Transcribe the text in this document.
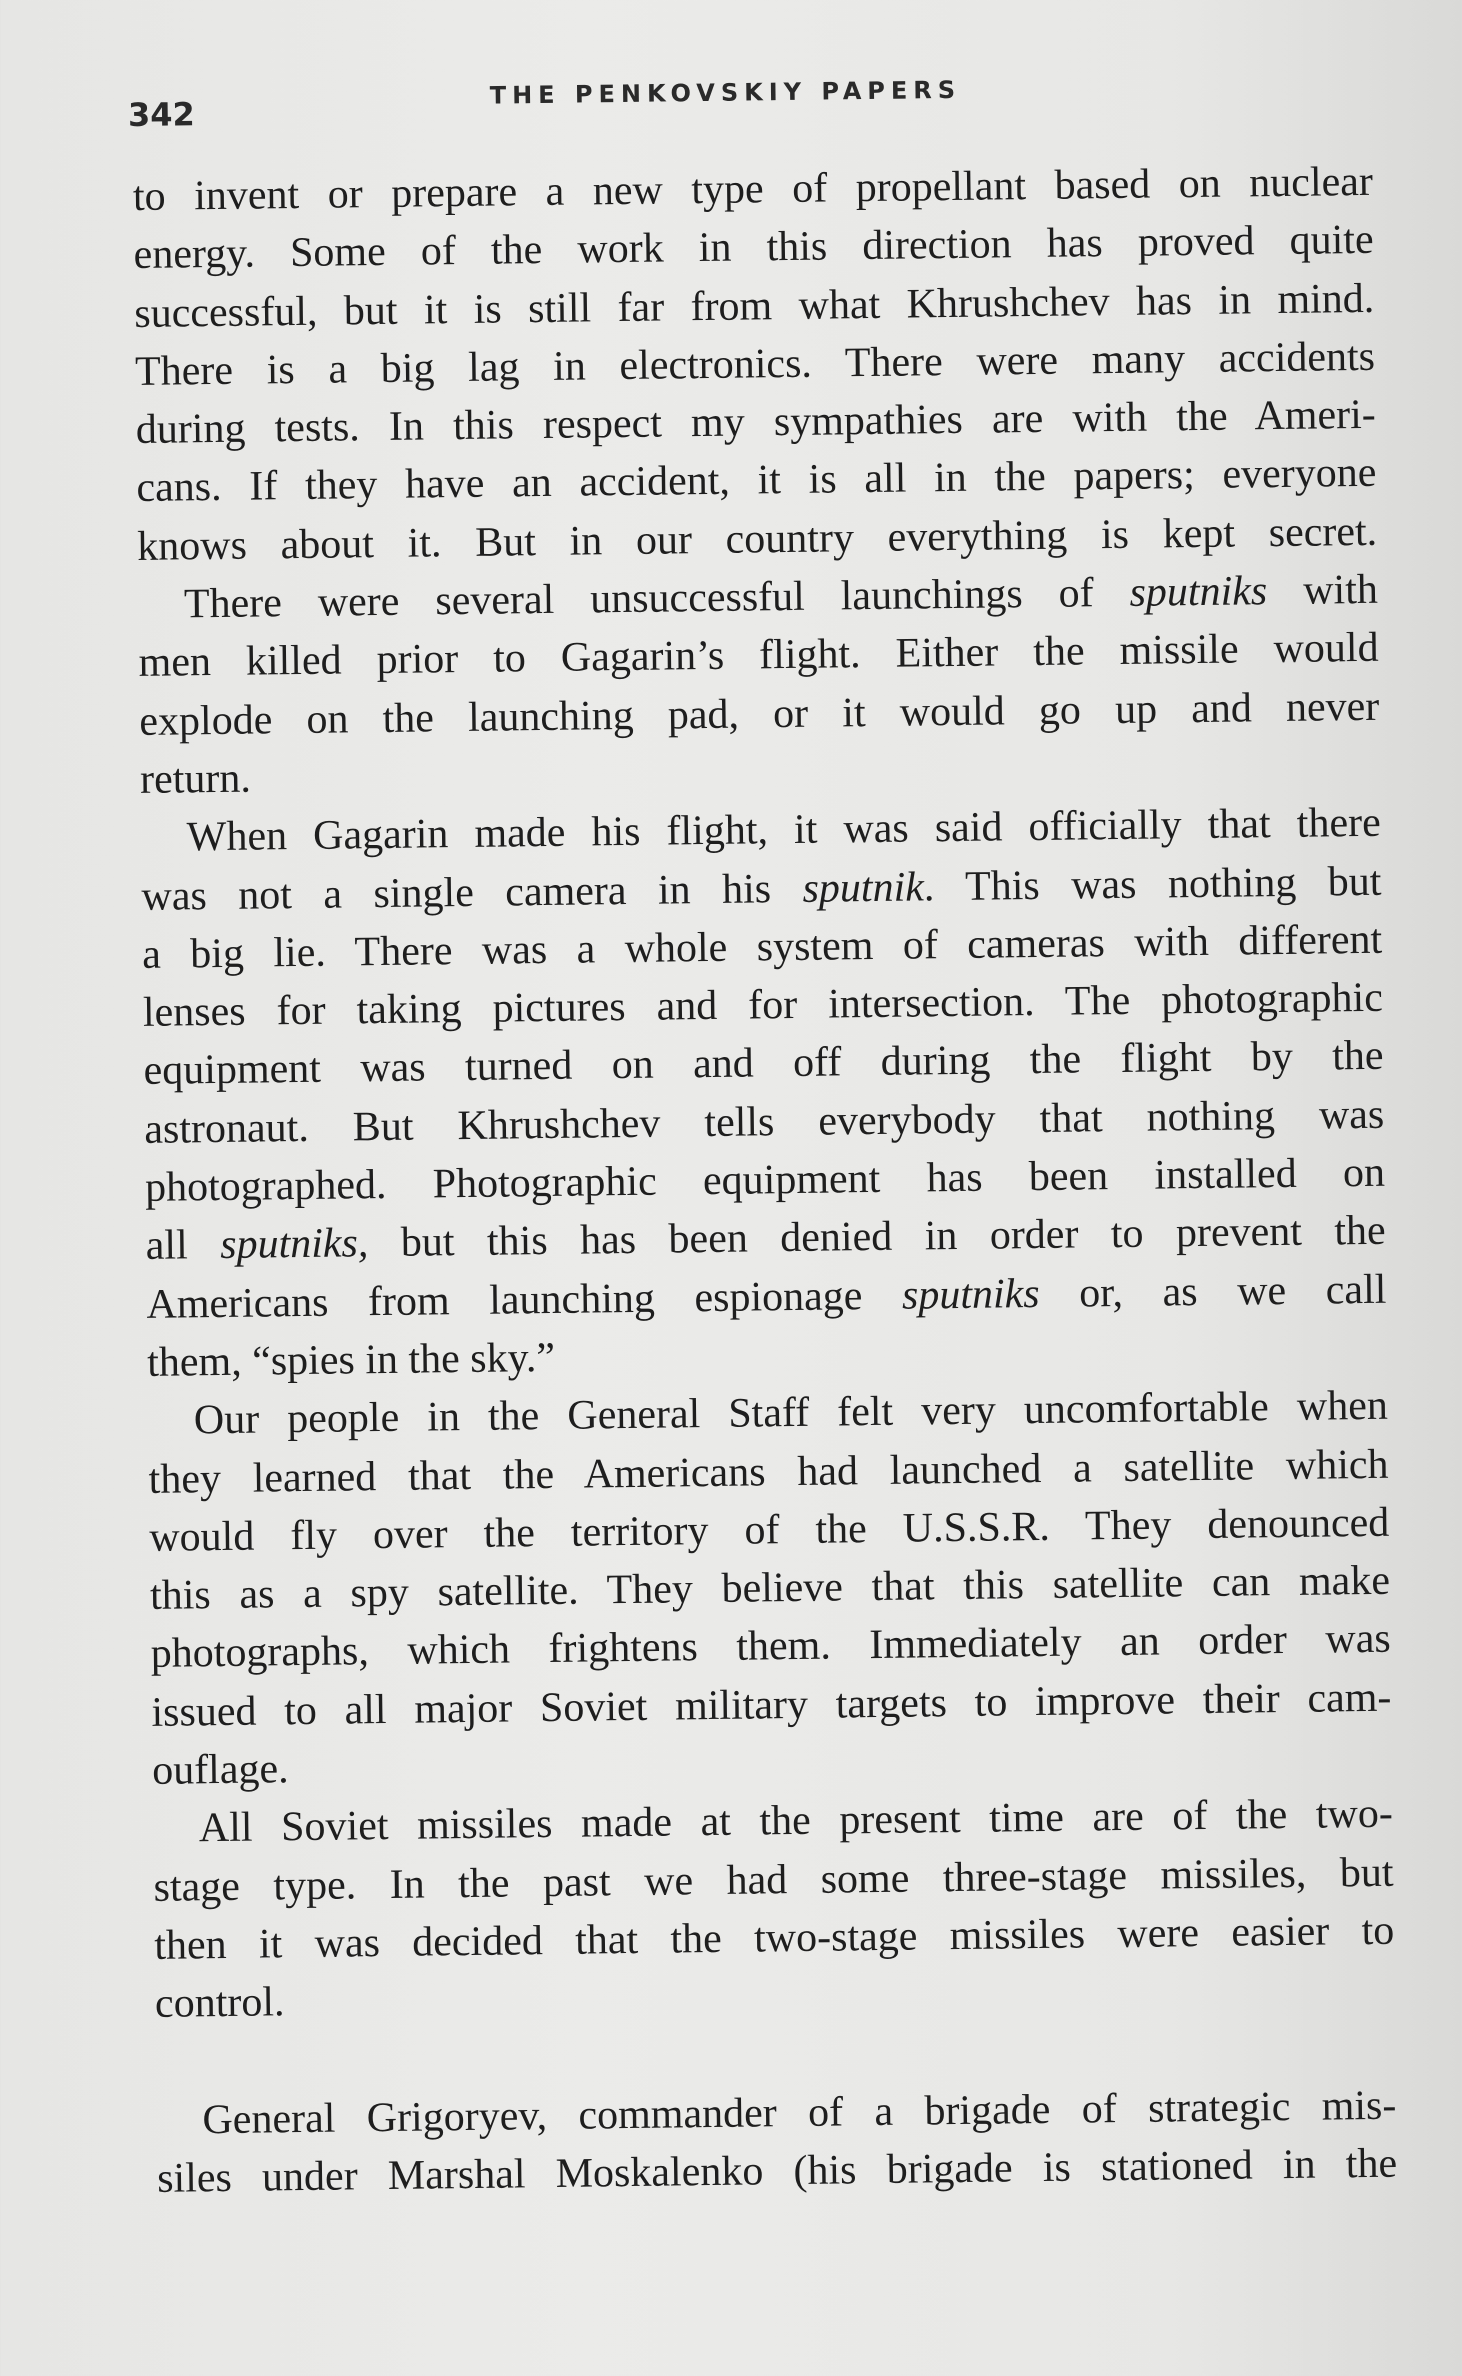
342
THE PENKOVSKIY PAPERS
to invent or prepare a new type of propellant based on nuclear
energy. Some of the work in this direction has proved quite
successful, but it is still far from what Khrushchev has in mind.
There is a big lag in electronics. There were many accidents
during tests. In this respect my sympathies are with the Ameri-
cans. If they have an accident, it is all in the papers; everyone
knows about it. But in our country everything is kept secret.
There were several unsuccessful launchings of sputniks with
men killed prior to Gagarin’s flight. Either the missile would
explode on the launching pad, or it would go up and never
return.
When Gagarin made his flight, it was said officially that there
was not a single camera in his sputnik. This was nothing but
a big lie. There was a whole system of cameras with different
lenses for taking pictures and for intersection. The photographic
equipment was turned on and off during the flight by the
astronaut. But Khrushchev tells everybody that nothing was
photographed. Photographic equipment has been installed on
all sputniks, but this has been denied in order to prevent the
Americans from launching espionage sputniks or, as we call
them, “spies in the sky.”
Our people in the General Staff felt very uncomfortable when
they learned that the Americans had launched a satellite which
would fly over the territory of the U.S.S.R. They denounced
this as a spy satellite. They believe that this satellite can make
photographs, which frightens them. Immediately an order was
issued to all major Soviet military targets to improve their cam-
ouflage.
All Soviet missiles made at the present time are of the two-
stage type. In the past we had some three-stage missiles, but
then it was decided that the two-stage missiles were easier to
control.
General Grigoryev, commander of a brigade of strategic mis-
siles under Marshal Moskalenko (his brigade is stationed in the
